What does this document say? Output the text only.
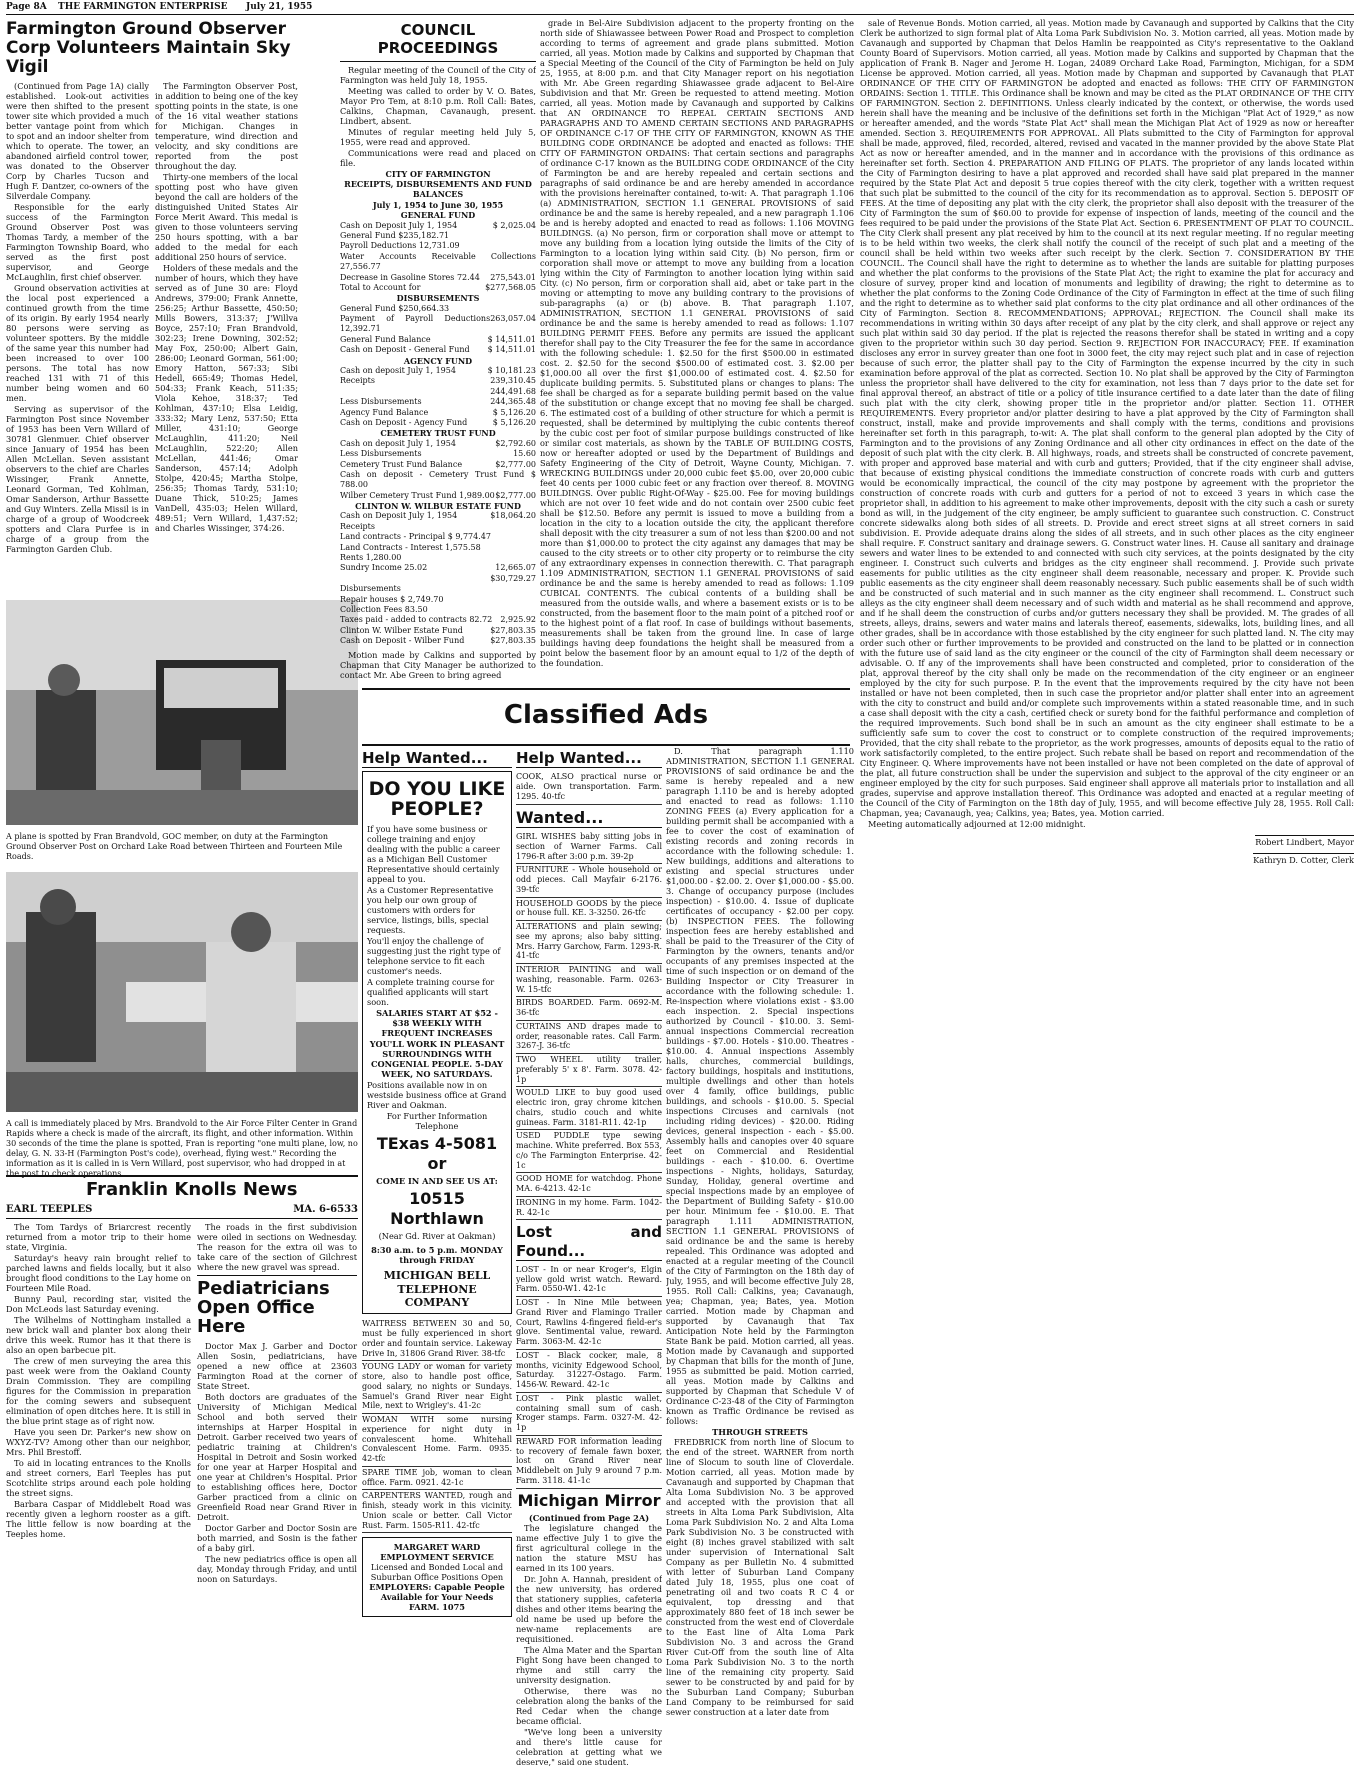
Page 8A THE FARMINGTON ENTERPRISE July 21, 1955
Farmington Ground Observer Corp Volunteers Maintain Sky Vigil

(Continued from Page 1A) cially established. Look-out activities were then shifted to the present tower site which provided a much better vantage point from which to spot and an indoor shelter from which to operate. The tower, an abandoned airfield control tower, was donated to the Observer Corp by Charles Tucson and Hugh F. Dantzer, co-owners of the Silverdale Company.

Responsible for the early success of the Farmington Ground Observer Post was Thomas Tardy, a member of the Farmington Township Board, who served as the first post supervisor, and George McLaughlin, first chief observer.

Ground observation activities at the local post experienced a continued growth from the time of its origin. By early 1954 nearly 80 persons were serving as volunteer spotters. By the middle of the same year this number had been increased to over 100 persons. The total has now reached 131 with 71 of this number being women and 60 men.

Serving as supervisor of the Farmington Post since November of 1953 has been Vern Willard of 30781 Glenmuer. Chief observer since January of 1954 has been Allen McLellan. Seven assistant observers to the chief are Charles Wissinger, Frank Annette, Leonard Gorman, Ted Kohlman, Omar Sanderson, Arthur Bassette and Guy Winters. Zella Missil is in charge of a group of Woodcreek spotters and Clara Purfee is in charge of a group from the Farmington Garden Club.

The Farmington Observer Post, in addition to being one of the key spotting points in the state, is one of the 16 vital weather stations for Michigan. Changes in temperature, wind direction and velocity, and sky conditions are reported from the post throughout the day.

Thirty-one members of the local spotting post who have given beyond the call are holders of the distinguished United States Air Force Merit Award. This medal is given to those volunteers serving 250 hours spotting, with a bar added to the medal for each additional 250 hours of service.

Holders of these medals and the number of hours, which they have served as of June 30 are: Floyd Andrews, 379:00; Frank Annette, 256:25; Arthur Bassette, 450:50; Mills Bowers, 313:37; J'Willva Boyce, 257:10; Fran Brandvold, 302:23; Irene Downing, 302:52; May Fox, 250:00; Albert Gain, 286:00; Leonard Gorman, 561:00; Emory Hatton, 567:33; Sibi Hedell, 665:49; Thomas Hedel, 504:33; Frank Keach, 511:35; Viola Kehoe, 318:37; Ted Kohlman, 437:10; Elsa Leidig, 333:32; Mary Lenz, 537:50; Etta Miller, 431:10; George McLaughlin, 411:20; Neil McLaughlin, 522:20; Allen McLellan, 441:46; Omar Sanderson, 457:14; Adolph Stolpe, 420:45; Martha Stolpe, 256:35; Thomas Tardy, 531:10; Duane Thick, 510:25; James VanDell, 435:03; Helen Willard, 489:51; Vern Willard, 1,437:52; and Charles Wissinger, 374:26.

A plane is spotted by Fran Brandvold, GOC member, on duty at the Farmington Ground Observer Post on Orchard Lake Road between Thirteen and Fourteen Mile Roads.
A call is immediately placed by Mrs. Brandvold to the Air Force Filter Center in Grand Rapids where a check is made of the aircraft, its flight, and other information. Within 30 seconds of the time the plane is spotted, Fran is reporting "one multi plane, low, no delay, G. N. 33-H (Farmington Post's code), overhead, flying west." Recording the information as it is called in is Vern Willard, post supervisor, who had dropped in at the post to check operations.
Franklin Knolls News
EARL TEEPLES	MA. 6-6533

The Tom Tardys of Briarcrest recently returned from a motor trip to their home state, Virginia.

Saturday's heavy rain brought relief to parched lawns and fields locally, but it also brought flood conditions to the Lay home on Fourteen Mile Road.

Bunny Paul, recording star, visited the Don McLeods last Saturday evening.

The Wilhelms of Nottingham installed a new brick wall and planter box along their drive this week. Rumor has it that there is also an open barbecue pit.

The crew of men surveying the area this past week were from the Oakland County Drain Commission. They are compiling figures for the Commission in preparation for the coming sewers and subsequent elimination of open ditches here. It is still in the blue print stage as of right now.

Have you seen Dr. Parker's new show on WXYZ-TV? Among other than our neighbor, Mrs. Phil Brestoff.

To aid in locating entrances to the Knolls and street corners, Earl Teeples has put Scotchlite strips around each pole holding the street signs.

Barbara Caspar of Middlebelt Road was recently given a leghorn rooster as a gift. The little fellow is now boarding at the Teeples home.

The roads in the first subdivision were oiled in sections on Wednesday. The reason for the extra oil was to take care of the section of Gilchrest where the new gravel was spread.

Pediatricians Open Office Here

Doctor Max J. Garber and Doctor Allen Sosin, pediatricians, have opened a new office at 23603 Farmington Road at the corner of State Street.

Both doctors are graduates of the University of Michigan Medical School and both served their internships at Harper Hospital in Detroit. Garber received two years of pediatric training at Children's Hospital in Detroit and Sosin worked for one year at Harper Hospital and one year at Children's Hospital. Prior to establishing offices here, Doctor Garber practiced from a clinic on Greenfield Road near Grand River in Detroit.

Doctor Garber and Doctor Sosin are both married, and Sosin is the father of a baby girl.

The new pediatrics office is open all day, Monday through Friday, and until noon on Saturdays.

COUNCIL PROCEEDINGS

Regular meeting of the Council of the City of Farmington was held July 18, 1955.

Meeting was called to order by V. O. Bates, Mayor Pro Tem, at 8:10 p.m. Roll Call: Bates, Calkins, Chapman, Cavanaugh, present. Lindbert, absent.

Minutes of regular meeting held July 5, 1955, were read and approved.

Communications were read and placed on file.

CITY OF FARMINGTON
RECEIPTS, DISBURSEMENTS AND FUND BALANCES
July 1, 1954 to June 30, 1955
GENERAL FUND
Cash on Deposit July 1, 1954	$ 2,025.04
General Fund $235,182.71
Payroll Deductions 12,731.09
Water Accounts Receivable Collections 27,556.77
Decrease in Gasoline Stores 72.44 275,543.01
Total to Account for	$277,568.05
DISBURSEMENTS
General Fund $250,664.33
Payment of Payroll Deductions 12,392.71
263,057.04
General Fund Balance	$ 14,511.01
Cash on Deposit - General Fund $ 14,511.01
AGENCY FUND
Cash on deposit July 1, 1954	$ 10,181.23
Receipts	239,310.45
244,491.68
Less Disbursements	244,365.48
Agency Fund Balance	$ 5,126.20
Cash on Deposit - Agency Fund	$ 5,126.20
CEMETERY TRUST FUND
Cash on deposit July 1, 1954	$2,792.60
Less Disbursements	15.60
Cemetery Trust Fund Balance	$2,777.00
Cash on deposit - Cemetery Trust Fund $ 788.00
Wilber Cemetery Trust Fund 1,989.00 $2,777.00
CLINTON W. WILBUR ESTATE FUND
Cash on Deposit July 1, 1954	$18,064.20
Receipts
Land contracts - Principal $ 9,774.47
Land Contracts - Interest 1,575.58
Rents 1,280.00
Sundry Income 25.02	12,665.07
$30,729.27
Disbursements
Repair houses $ 2,749.70
Collection Fees 83.50
Taxes paid - added to contracts 82.72 2,925.92
Clinton W. Wilber Estate Fund	$27,803.35
Cash on Deposit - Wilber Fund	$27,803.35

Motion made by Calkins and supported by Chapman that City Manager be authorized to contact Mr. Abe Green to bring agreed

Classified Ads
Help Wanted...
DO YOU LIKE PEOPLE?

If you have some business or college training and enjoy dealing with the public a career as a Michigan Bell Customer Representative should certainly appeal to you.

As a Customer Representative you help our own group of customers with orders for service, listings, bills, special requests.

You'll enjoy the challenge of suggesting just the right type of telephone service to fit each customer's needs.

A complete training course for qualified applicants will start soon.

SALARIES START AT $52 - $38 WEEKLY WITH FREQUENT INCREASES

YOU'LL WORK IN PLEASANT SURROUNDINGS WITH CONGENIAL PEOPLE. 5-DAY WEEK, NO SATURDAYS.

Positions available now in on westside business office at Grand River and Oakman.

For Further Information Telephone

TExas 4-5081 or
COME IN AND SEE US AT:
10515 Northlawn
(Near Gd. River at Oakman)
8:30 a.m. to 5 p.m. MONDAY through FRIDAY
MICHIGAN BELL TELEPHONE COMPANY
WAITRESS BETWEEN 30 and 50, must be fully experienced in short order and fountain service. Lakeway Drive In, 31806 Grand River. 38-tfc
YOUNG LADY or woman for variety store, also to handle post office, good salary, no nights or Sundays. Samuel's Grand River near Eight Mile, next to Wrigley's. 41-2c
WOMAN WITH some nursing experience for night duty in convalescent home. Whitehall Convalescent Home. Farm. 0935. 42-tfc
SPARE TIME job, woman to clean office. Farm. 0921. 42-1c
CARPENTERS WANTED, rough and finish, steady work in this vicinity. Union scale or better. Call Victor Rust. Farm. 1505-R11. 42-tfc
MARGARET WARD EMPLOYMENT SERVICE
Licensed and Bonded Local and Suburban Office Positions Open
EMPLOYERS: Capable People Available for Your Needs
FARM. 1075
Help Wanted...
COOK, ALSO practical nurse or aide. Own transportation. Farm. 1295. 40-tfc
Wanted...
GIRL WISHES baby sitting jobs in section of Warner Farms. Call 1796-R after 3:00 p.m. 39-2p
FURNITURE - Whole household or odd pieces. Call Mayfair 6-2176. 39-tfc
HOUSEHOLD GOODS by the piece or house full. KE. 3-3250. 26-tfc
ALTERATIONS and plain sewing; see my aprons; also baby sitting. Mrs. Harry Garchow, Farm. 1293-R. 41-tfc
INTERIOR PAINTING and wall washing, reasonable. Farm. 0263-W. 15-tfc
BIRDS BOARDED. Farm. 0692-M. 36-tfc
CURTAINS AND drapes made to order, reasonable rates. Call Farm. 3267-J. 36-tfc
TWO WHEEL utility trailer, preferably 5' x 8'. Farm. 3078. 42-1p
WOULD LIKE to buy good used electric iron, gray chrome kitchen chairs, studio couch and white guineas. Farm. 3181-R11. 42-1p
USED PUDDLE type sewing machine. White preferred. Box 553, c/o The Farmington Enterprise. 42-1c
GOOD HOME for watchdog. Phone MA. 6-4213. 42-1c
IRONING in my home. Farm. 1042-R. 42-1c
Lost and Found...
LOST - In or near Kroger's, Elgin yellow gold wrist watch. Reward. Farm. 0550-W1. 42-1c
LOST - In Nine Mile between Grand River and Flamingo Trailer Court, Rawlins 4-fingered field-er's glove. Sentimental value, reward. Farm. 3063-M. 42-1c
LOST - Black cocker, male, 8 months, vicinity Edgewood School, Saturday. 31227-Ostago. Farm. 1456-W. Reward. 42-1c
LOST - Pink plastic wallet, containing small sum of cash. Kroger stamps. Farm. 0327-M. 42-1p
REWARD FOR information leading to recovery of female fawn boxer, lost on Grand River near Middlebelt on July 9 around 7 p.m. Farm. 3118. 41-1c
Michigan Mirror
(Continued from Page 2A)

The legislature changed the name effective July 1 to give the first agricultural college in the nation the stature MSU has earned in its 100 years.

Dr. John A. Hannah, president of the new university, has ordered that stationery supplies, cafeteria dishes and other items bearing the old name be used up before the new-name replacements are requisitioned.

The Alma Mater and the Spartan Fight Song have been changed to rhyme and still carry the university designation.

Otherwise, there was no celebration along the banks of the Red Cedar when the change became official.

"We've long been a university and there's little cause for celebration at getting what we deserve," said one student.

grade in Bel-Aire Subdivision adjacent to the property fronting on the north side of Shiawassee between Power Road and Prospect to completion according to terms of agreement and grade plans submitted. Motion carried, all yeas. Motion made by Calkins and supported by Chapman that a Special Meeting of the Council of the City of Farmington be held on July 25, 1955, at 8:00 p.m. and that City Manager report on his negotiation with Mr. Abe Green regarding Shiawassee grade adjacent to Bel-Aire Subdivision and that Mr. Green be requested to attend meeting. Motion carried, all yeas. Motion made by Cavanaugh and supported by Calkins that AN ORDINANCE TO REPEAL CERTAIN SECTIONS AND PARAGRAPHS AND TO AMEND CERTAIN SECTIONS AND PARAGRAPHS OF ORDINANCE C-17 OF THE CITY OF FARMINGTON, KNOWN AS THE BUILDING CODE ORDINANCE be adopted and enacted as follows: THE CITY OF FARMINGTON ORDAINS: That certain sections and paragraphs of ordinance C-17 known as the BUILDING CODE ORDINANCE of the City of Farmington be and are hereby repealed and certain sections and paragraphs of said ordinance be and are hereby amended in accordance with the provisions hereinafter contained, to-wit: A. That paragraph 1.106 (a) ADMINISTRATION, SECTION 1.1 GENERAL PROVISIONS of said ordinance be and the same is hereby repealed, and a new paragraph 1.106 be and is hereby adopted and enacted to read as follows: 1.106 MOVING BUILDINGS. (a) No person, firm or corporation shall move or attempt to move any building from a location lying outside the limits of the City of Farmington to a location lying within said City. (b) No person, firm or corporation shall move or attempt to move any building from a location lying within the City of Farmington to another location lying within said City. (c) No person, firm or corporation shall aid, abet or take part in the moving or attempting to move any building contrary to the provisions of sub-paragraphs (a) or (b) above. B. That paragraph 1.107, ADMINISTRATION, SECTION 1.1 GENERAL PROVISIONS of said ordinance be and the same is hereby amended to read as follows: 1.107 BUILDING PERMIT FEES. Before any permits are issued the applicant therefor shall pay to the City Treasurer the fee for the same in accordance with the following schedule: 1. $2.50 for the first $500.00 in estimated cost. 2. $2.50 for the second $500.00 of estimated cost. 3. $2.00 per $1,000.00 all over the first $1,000.00 of estimated cost. 4. $2.50 for duplicate building permits. 5. Substituted plans or changes to plans: The fee shall be charged as for a separate building permit based on the value of the substitution or change except that no moving fee shall be charged. 6. The estimated cost of a building of other structure for which a permit is requested, shall be determined by multiplying the cubic contents thereof by the cubic cost per foot of similar purpose buildings constructed of like or similar cost materials, as shown by the TABLE OF BUILDING COSTS, now or hereafter adopted or used by the Department of Buildings and Safety Engineering of the City of Detroit, Wayne County, Michigan. 7. WRECKING BUILDINGS under 20,000 cubic feet $5.00, over 20,000 cubic feet 40 cents per 1000 cubic feet or any fraction over thereof. 8. MOVING BUILDINGS. Over public Right-Of-Way - $25.00. Fee for moving buildings which are not over 10 feet wide and do not contain over 2500 cubic feet shall be $12.50. Before any permit is issued to move a building from a location in the city to a location outside the city, the applicant therefore shall deposit with the city treasurer a sum of not less than $200.00 and not more than $1,000.00 to protect the city against any damages that may be caused to the city streets or to other city property or to reimburse the city of any extraordinary expenses in connection therewith. C. That paragraph 1.109 ADMINISTRATION, SECTION 1.1 GENERAL PROVISIONS of said ordinance be and the same is hereby amended to read as follows: 1.109 CUBICAL CONTENTS. The cubical contents of a building shall be measured from the outside walls, and where a basement exists or is to be constructed, from the basement floor to the main point of a pitched roof or to the highest point of a flat roof. In case of buildings without basements, measurements shall be taken from the ground line. In case of large buildings having deep foundations the height shall be measured from a point below the basement floor by an amount equal to 1/2 of the depth of the foundation.

D. That paragraph 1.110 ADMINISTRATION, SECTION 1.1 GENERAL PROVISIONS of said ordinance be and the same is hereby repealed and a new paragraph 1.110 be and is hereby adopted and enacted to read as follows: 1.110 ZONING FEES (a) Every application for a building permit shall be accompanied with a fee to cover the cost of examination of existing records and zoning records in accordance with the following schedule: 1. New buildings, additions and alterations to existing and special structures under $1,000.00 - $2.00. 2. Over $1,000.00 - $5.00. 3. Change of occupancy purpose (includes inspection) - $10.00. 4. Issue of duplicate certificates of occupancy - $2.00 per copy. (b) INSPECTION FEES. The following inspection fees are hereby established and shall be paid to the Treasurer of the City of Farmington by the owners, tenants and/or occupants of any premises inspected at the time of such inspection or on demand of the Building Inspector or City Treasurer in accordance with the following schedule: 1. Re-inspection where violations exist - $3.00 each inspection. 2. Special inspections authorized by Council - $10.00. 3. Semi-annual inspections Commercial recreation buildings - $7.00. Hotels - $10.00. Theatres - $10.00. 4. Annual inspections Assembly halls, churches, commercial buildings, factory buildings, hospitals and institutions, multiple dwellings and other than hotels over 4 family, office buildings, public buildings, and schools - $10.00. 5. Special inspections Circuses and carnivals (not including riding devices) - $20.00. Riding devices, general inspection - each - $5.00. Assembly halls and canopies over 40 square feet on Commercial and Residential buildings - each - $10.00. 6. Overtime inspections - Nights, holidays, Saturday, Sunday, Holiday, general overtime and special inspections made by an employee of the Department of Building Safety - $10.00 per hour. Minimum fee - $10.00. E. That paragraph 1.111 ADMINISTRATION, SECTION 1.1 GENERAL PROVISIONS of said ordinance be and the same is hereby repealed. This Ordinance was adopted and enacted at a regular meeting of the Council of the City of Farmington on the 18th day of July, 1955, and will become effective July 28, 1955. Roll Call: Calkins, yea; Cavanaugh, yea; Chapman, yea; Bates, yea. Motion carried. Motion made by Chapman and supported by Cavanaugh that Tax Anticipation Note held by the Farmington State Bank be paid. Motion carried, all yeas. Motion made by Cavanaugh and supported by Chapman that bills for the month of June, 1955 as submitted be paid. Motion carried, all yeas. Motion made by Calkins and supported by Chapman that Schedule V of Ordinance C-23-48 of the City of Farmington known as Traffic Ordinance be revised as follows:

THROUGH STREETS

FREDBRICK from north line of Slocum to the end of the street. WARNER from north line of Slocum to south line of Cloverdale. Motion carried, all yeas. Motion made by Cavanaugh and supported by Chapman that Alta Loma Subdivision No. 3 be approved and accepted with the provision that all streets in Alta Loma Park Subdivision, Alta Loma Park Subdivision No. 2 and Alta Loma Park Subdivision No. 3 be constructed with eight (8) inches gravel stabilized with salt under supervision of International Salt Company as per Bulletin No. 4 submitted with letter of Suburban Land Company dated July 18, 1955, plus one coat of penetrating oil and two coats R C 4 or equivalent, top dressing and that approximately 880 feet of 18 inch sewer be constructed from the west end of Cloverdale to the East line of Alta Loma Park Subdivision No. 3 and across the Grand River Cut-Off from the south line of Alta Loma Park Subdivision No. 3 to the north line of the remaining city property. Said sewer to be constructed by and paid for by the Suburban Land Company; Suburban Land Company to be reimbursed for said sewer construction at a later date from

sale of Revenue Bonds. Motion carried, all yeas. Motion made by Cavanaugh and supported by Calkins that the City Clerk be authorized to sign formal plat of Alta Loma Park Subdivision No. 3. Motion carried, all yeas. Motion made by Cavanaugh and supported by Chapman that Delos Hamlin be reappointed as City's representative to the Oakland County Board of Supervisors. Motion carried, all yeas. Motion made by Calkins and supported by Chapman that the application of Frank B. Nager and Jerome H. Logan, 24089 Orchard Lake Road, Farmington, Michigan, for a SDM License be approved. Motion carried, all yeas. Motion made by Chapman and supported by Cavanaugh that PLAT ORDINANCE OF THE CITY OF FARMINGTON be adopted and enacted as follows: THE CITY OF FARMINGTON ORDAINS: Section 1. TITLE. This Ordinance shall be known and may be cited as the PLAT ORDINANCE OF THE CITY OF FARMINGTON. Section 2. DEFINITIONS. Unless clearly indicated by the context, or otherwise, the words used herein shall have the meaning and be inclusive of the definitions set forth in the Michigan "Plat Act of 1929," as now or hereafter amended, and the words "State Plat Act" shall mean the Michigan Plat Act of 1929 as now or hereafter amended. Section 3. REQUIREMENTS FOR APPROVAL. All Plats submitted to the City of Farmington for approval shall be made, approved, filed, recorded, altered, revised and vacated in the manner provided by the above State Plat Act as now or hereafter amended, and in the manner and in accordance with the provisions of this ordinance as hereinafter set forth. Section 4. PREPARATION AND FILING OF PLATS. The proprietor of any lands located within the City of Farmington desiring to have a plat approved and recorded shall have said plat prepared in the manner required by the State Plat Act and deposit 5 true copies thereof with the city clerk, together with a written request that such plat be submitted to the council of the city for its recommendation as to approval. Section 5. DEPOSIT OF FEES. At the time of depositing any plat with the city clerk, the proprietor shall also deposit with the treasurer of the City of Farmington the sum of $60.00 to provide for expense of inspection of lands, meeting of the council and the fees required to be paid under the provisions of the State Plat Act. Section 6. PRESENTMENT OF PLAT TO COUNCIL. The City Clerk shall present any plat received by him to the council at its next regular meeting. If no regular meeting is to be held within two weeks, the clerk shall notify the council of the receipt of such plat and a meeting of the council shall be held within two weeks after such receipt by the clerk. Section 7. CONSIDERATION BY THE COUNCIL. The Council shall have the right to determine as to whether the lands are suitable for platting purposes and whether the plat conforms to the provisions of the State Plat Act; the right to examine the plat for accuracy and closure of survey, proper kind and location of monuments and legibility of drawing; the right to determine as to whether the plat conforms to the Zoning Code Ordinance of the City of Farmington in effect at the time of such filing and the right to determine as to whether said plat conforms to the city plat ordinance and all other ordinances of the City of Farmington. Section 8. RECOMMENDATIONS; APPROVAL; REJECTION. The Council shall make its recommendations in writing within 30 days after receipt of any plat by the city clerk, and shall approve or reject any such plat within said 30 day period. If the plat is rejected the reasons therefor shall be stated in writing and a copy given to the proprietor within such 30 day period. Section 9. REJECTION FOR INACCURACY; FEE. If examination discloses any error in survey greater than one foot in 3000 feet, the city may reject such plat and in case of rejection because of such error, the platter shall pay to the City of Farmington the expense incurred by the city in such examination before approval of the plat as corrected. Section 10. No plat shall be approved by the City of Farmington unless the proprietor shall have delivered to the city for examination, not less than 7 days prior to the date set for final approval thereof, an abstract of title or a policy of title insurance certified to a date later than the date of filing such plat with the city clerk, showing proper title in the proprietor and/or platter. Section 11. OTHER REQUIREMENTS. Every proprietor and/or platter desiring to have a plat approved by the City of Farmington shall construct, install, make and provide improvements and shall comply with the terms, conditions and provisions hereinafter set forth in this paragraph, to-wit: A. The plat shall conform to the general plan adopted by the City of Farmington and to the provisions of any Zoning Ordinance and all other city ordinances in effect on the date of the deposit of such plat with the city clerk. B. All highways, roads, and streets shall be constructed of concrete pavement, with proper and approved base material and with curb and gutters; Provided, that if the city engineer shall advise, that because of existing physical conditions the immediate construction of concrete roads with curb and gutters would be economically impractical, the council of the city may postpone by agreement with the proprietor the construction of concrete roads with curb and gutters for a period of not to exceed 3 years in which case the proprietor shall, in addition to his agreement to make other improvements, deposit with the city such a cash or surety bond as will, in the judgement of the city engineer, be amply sufficient to guarantee such construction. C. Construct concrete sidewalks along both sides of all streets. D. Provide and erect street signs at all street corners in said subdivision. E. Provide adequate drains along the sides of all streets, and in such other places as the city engineer shall require. F. Construct sanitary and drainage sewers. G. Construct water lines. H. Cause all sanitary and drainage sewers and water lines to be extended to and connected with such city services, at the points designated by the city engineer. I. Construct such culverts and bridges as the city engineer shall recommend. J. Provide such private easements for public utilities as the city engineer shall deem reasonable, necessary and proper. K. Provide such public easements as the city engineer shall deem reasonably necessary. Such public easements shall be of such width and be constructed of such material and in such manner as the city engineer shall recommend. L. Construct such alleys as the city engineer shall deem necessary and of such width and material as he shall recommend and approve, and if he shall deem the construction of curbs and/or gutters necessary they shall be provided. M. The grades of all streets, alleys, drains, sewers and water mains and laterals thereof, easements, sidewalks, lots, building lines, and all other grades, shall be in accordance with those established by the city engineer for such platted land. N. The city may order such other or further improvements to be provided and constructed on the land to be platted or in connection with the future use of said land as the city engineer or the council of the city of Farmington shall deem necessary or advisable. O. If any of the improvements shall have been constructed and completed, prior to consideration of the plat, approval thereof by the city shall only be made on the recommendation of the city engineer or an engineer employed by the city for such purpose. P. In the event that the improvements required by the city have not been installed or have not been completed, then in such case the proprietor and/or platter shall enter into an agreement with the city to construct and build and/or complete such improvements within a stated reasonable time, and in such a case shall deposit with the city a cash, certified check or surety bond for the faithful performance and completion of the required improvements. Such bond shall be in such an amount as the city engineer shall estimate to be a sufficiently safe sum to cover the cost to construct or to complete construction of the required improvements; Provided, that the city shall rebate to the proprietor, as the work progresses, amounts of deposits equal to the ratio of work satisfactorily completed, to the entire project. Such rebate shall be based on report and recommendation of the City Engineer. Q. Where improvements have not been installed or have not been completed on the date of approval of the plat, all future construction shall be under the supervision and subject to the approval of the city engineer or an engineer employed by the city for such purposes. Said engineer shall approve all materials prior to installation and all grades, supervise and approve installation thereof. This Ordinance was adopted and enacted at a regular meeting of the Council of the City of Farmington on the 18th day of July, 1955, and will become effective July 28, 1955. Roll Call: Chapman, yea; Cavanaugh, yea; Calkins, yea; Bates, yea. Motion carried.

Meeting automatically adjourned at 12:00 midnight.

Robert Lindbert, Mayor
Kathryn D. Cotter, Clerk
